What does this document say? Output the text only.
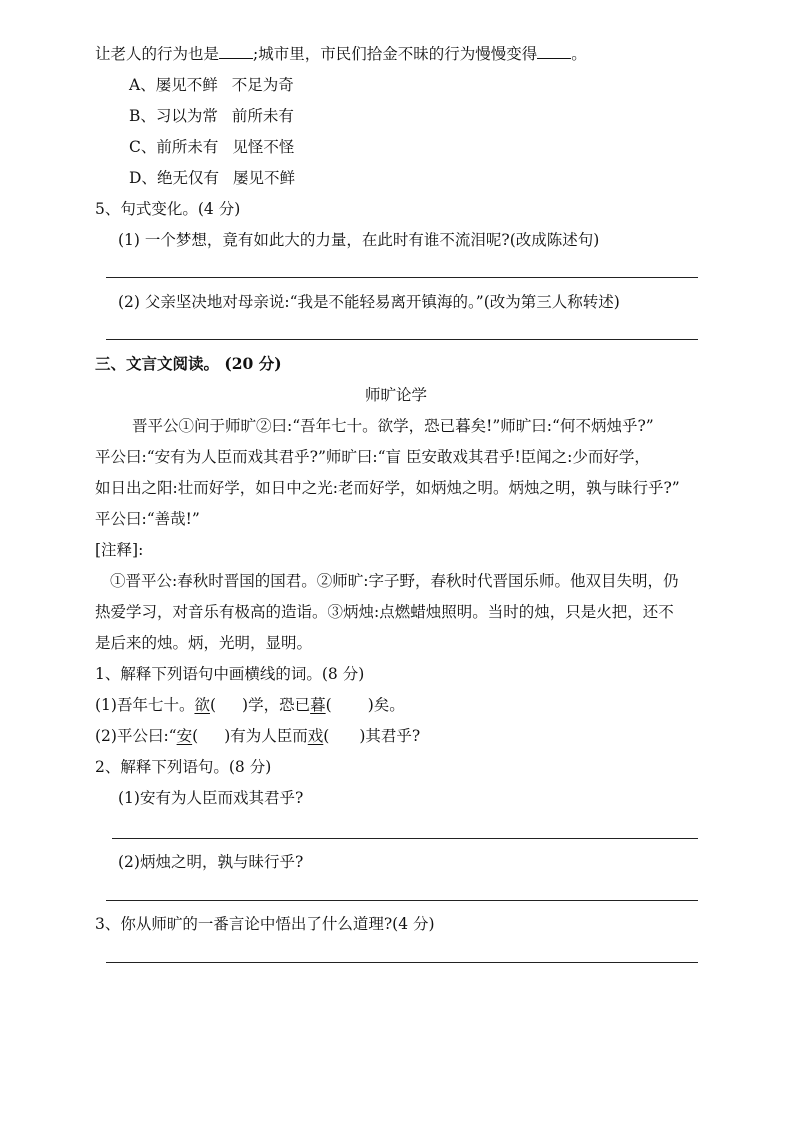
让老人的行为也是 ;城市里，市民们拾金不昧的行为慢慢变得 。
A、屡见不鲜 不足为奇
B、习以为常 前所未有
C、前所未有 见怪不怪
D、绝无仅有 屡见不鲜
5、句式变化。(4 分)
(1) 一个梦想，竟有如此大的力量，在此时有谁不流泪呢?(改成陈述句)
(2) 父亲坚决地对母亲说:“我是不能轻易离开镇海的。”(改为第三人称转述)
三、文言文阅读。 (20 分)
师旷论学
晋平公①问于师旷②曰:“吾年七十。欲学，恐已暮矣!”师旷曰:“何不炳烛乎?”
平公曰:“安有为人臣而戏其君乎?”师旷曰:“盲 臣安敢戏其君乎!臣闻之:少而好学，
如日出之阳:壮而好学，如日中之光:老而好学，如炳烛之明。炳烛之明，孰与昧行乎?”
平公曰:“善哉!”
[注释]:
①晋平公:春秋时晋国的国君。②师旷:字子野，春秋时代晋国乐师。他双目失明，仍
热爱学习，对音乐有极高的造诣。③炳烛:点燃蜡烛照明。当时的烛，只是火把，还不
是后来的烛。炳，光明，显明。
1、解释下列语句中画横线的词。(8 分)
(1)吾年七十。欲( )学，恐已暮( )矣。
(2)平公曰:“安( )有为人臣而戏( )其君乎?
2、解释下列语句。(8 分)
(1)安有为人臣而戏其君乎?
(2)炳烛之明，孰与昧行乎?
3、你从师旷的一番言论中悟出了什么道理?(4 分)
